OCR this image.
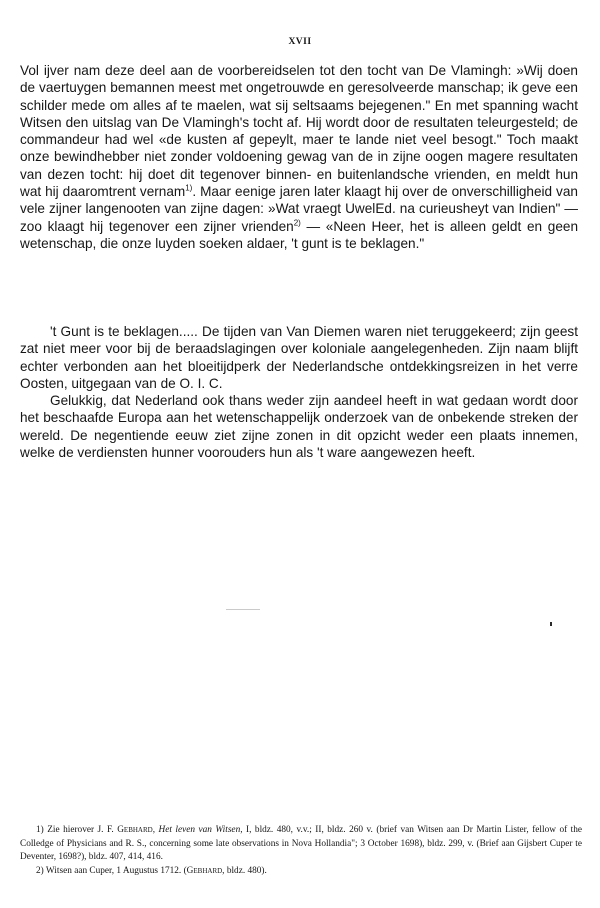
XVII

Vol ijver nam deze deel aan de voorbereidselen tot den tocht van De Vlamingh: »Wij doen de vaertuygen bemannen meest met ongetrouwde en geresolveerde manschap; ik geve een schilder mede om alles af te maelen, wat sij seltsaams bejegenen." En met spanning wacht Witsen den uitslag van De Vlamingh's tocht af. Hij wordt door de resultaten teleurgesteld; de commandeur had wel «de kusten af gepeylt, maer te lande niet veel besogt." Toch maakt onze bewindhebber niet zonder voldoening gewag van de in zijne oogen magere resultaten van dezen tocht: hij doet dit tegenover binnen- en buitenlandsche vrienden, en meldt hun wat hij daaromtrent vernam$^{1)}$. Maar eenige jaren later klaagt hij over de onverschilligheid van vele zijner langenooten van zijne dagen: »Wat vraegt UwelEd. na curieusheyt van Indien" — zoo klaagt hij tegenover een zijner vrienden$^{2)}$ — «Neen Heer, het is alleen geldt en geen wetenschap, die onze luyden soeken aldaer, 't gunt is te beklagen."

't Gunt is te beklagen..... De tijden van Van Diemen waren niet teruggekeerd; zijn geest zat niet meer voor bij de beraadslagingen over koloniale aangelegenheden. Zijn naam blijft echter verbonden aan het bloeitijdperk der Nederlandsche ontdekkingsreizen in het verre Oosten, uitgegaan van de O. I. C.

Gelukkig, dat Nederland ook thans weder zijn aandeel heeft in wat gedaan wordt door het beschaafde Europa aan het wetenschappelijk onderzoek van de onbekende streken der wereld. De negentiende eeuw ziet zijne zonen in dit opzicht weder een plaats innemen, welke de verdiensten hunner voorouders hun als 't ware aangewezen heeft.

1) Zie hierover J. F. Gebhard, Het leven van Witsen, I, bldz. 480, v.v.; II, bldz. 260 v. (brief van Witsen aan Dr Martin Lister, fellow of the Colledge of Physicians and R. S., concerning some late observations in Nova Hollandia"; 3 October 1698), bldz. 299, v. (Brief aan Gijsbert Cuper te Deventer, 1698?), bldz. 407, 414, 416.

2) Witsen aan Cuper, 1 Augustus 1712. (Gebhard, bldz. 480).
